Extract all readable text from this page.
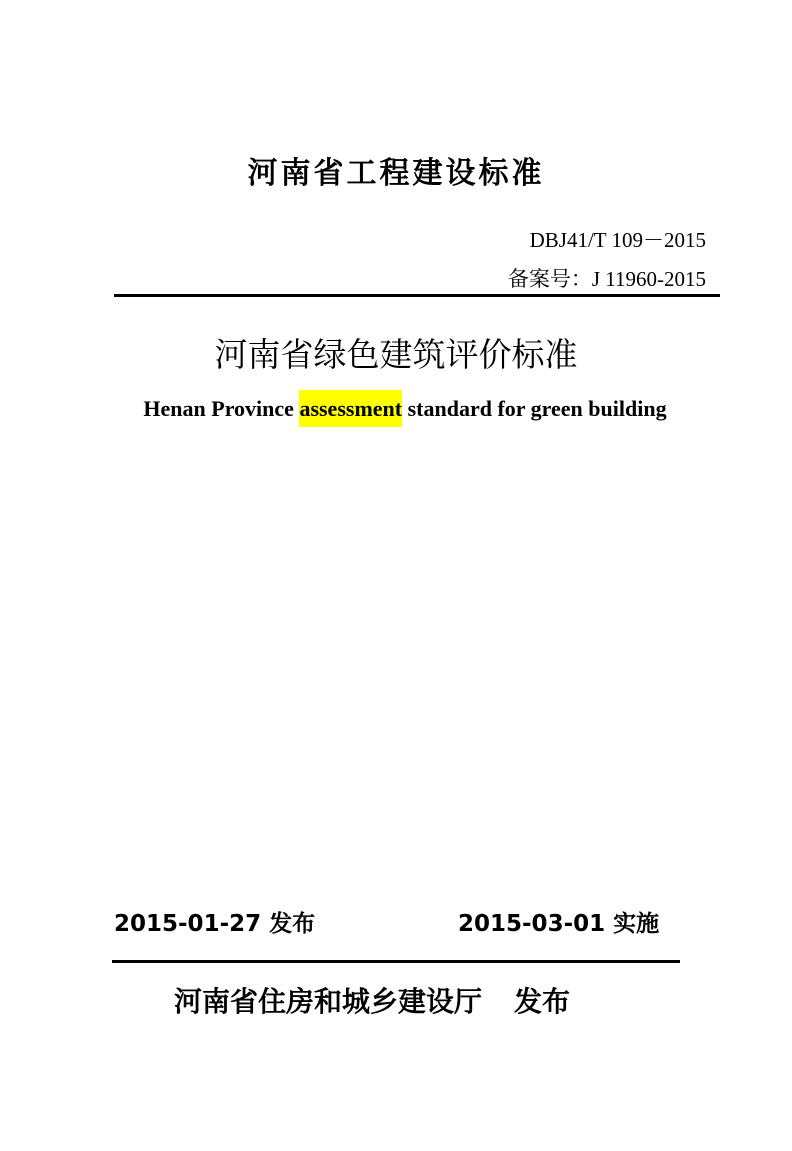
河南省工程建设标准
DBJ41/T 109－2015
备案号：J 11960-2015
河南省绿色建筑评价标准
Henan Province assessment standard for green building
2015-01-27 发布	2015-03-01 实施
河南省住房和城乡建设厅 发布
